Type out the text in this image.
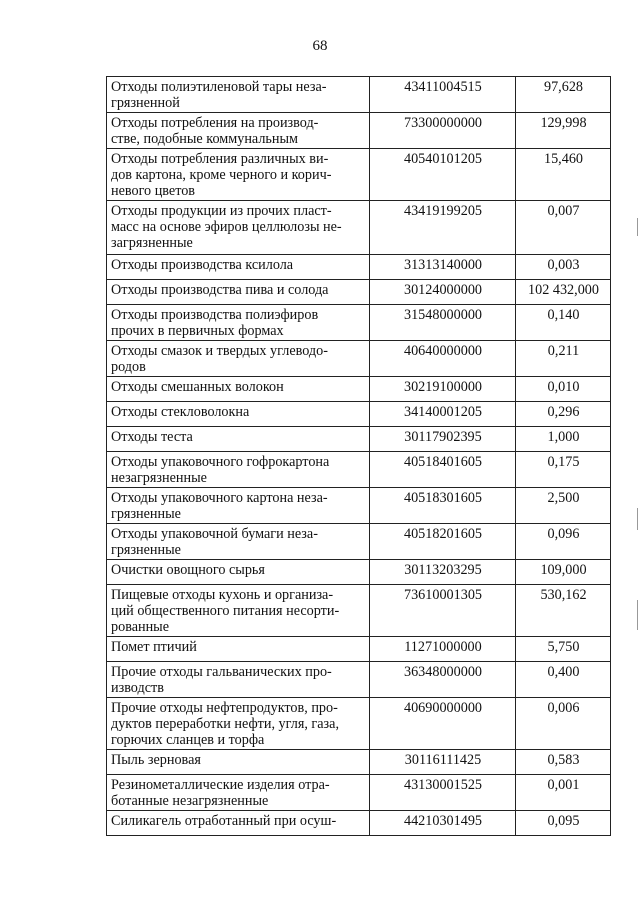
68
Отходы полиэтиленовой тары неза-
грязненной	43411004515	97,628
Отходы потребления на производ-
стве, подобные коммунальным	73300000000	129,998
Отходы потребления различных ви-
дов картона, кроме черного и корич-
невого цветов	40540101205	15,460
Отходы продукции из прочих пласт-
масс на основе эфиров целлюлозы не-
загрязненные	43419199205	0,007
Отходы производства ксилола	31313140000	0,003
Отходы производства пива и солода	30124000000	102 432,000
Отходы производства полиэфиров
прочих в первичных формах	31548000000	0,140
Отходы смазок и твердых углеводо-
родов	40640000000	0,211
Отходы смешанных волокон	30219100000	0,010
Отходы стекловолокна	34140001205	0,296
Отходы теста	30117902395	1,000
Отходы упаковочного гофрокартона
незагрязненные	40518401605	0,175
Отходы упаковочного картона неза-
грязненные	40518301605	2,500
Отходы упаковочной бумаги неза-
грязненные	40518201605	0,096
Очистки овощного сырья	30113203295	109,000
Пищевые отходы кухонь и организа-
ций общественного питания несорти-
рованные	73610001305	530,162
Помет птичий	11271000000	5,750
Прочие отходы гальванических про-
изводств	36348000000	0,400
Прочие отходы нефтепродуктов, про-
дуктов переработки нефти, угля, газа,
горючих сланцев и торфа	40690000000	0,006
Пыль зерновая	30116111425	0,583
Резинометаллические изделия отра-
ботанные незагрязненные	43130001525	0,001
Силикагель отработанный при осуш-	44210301495	0,095
